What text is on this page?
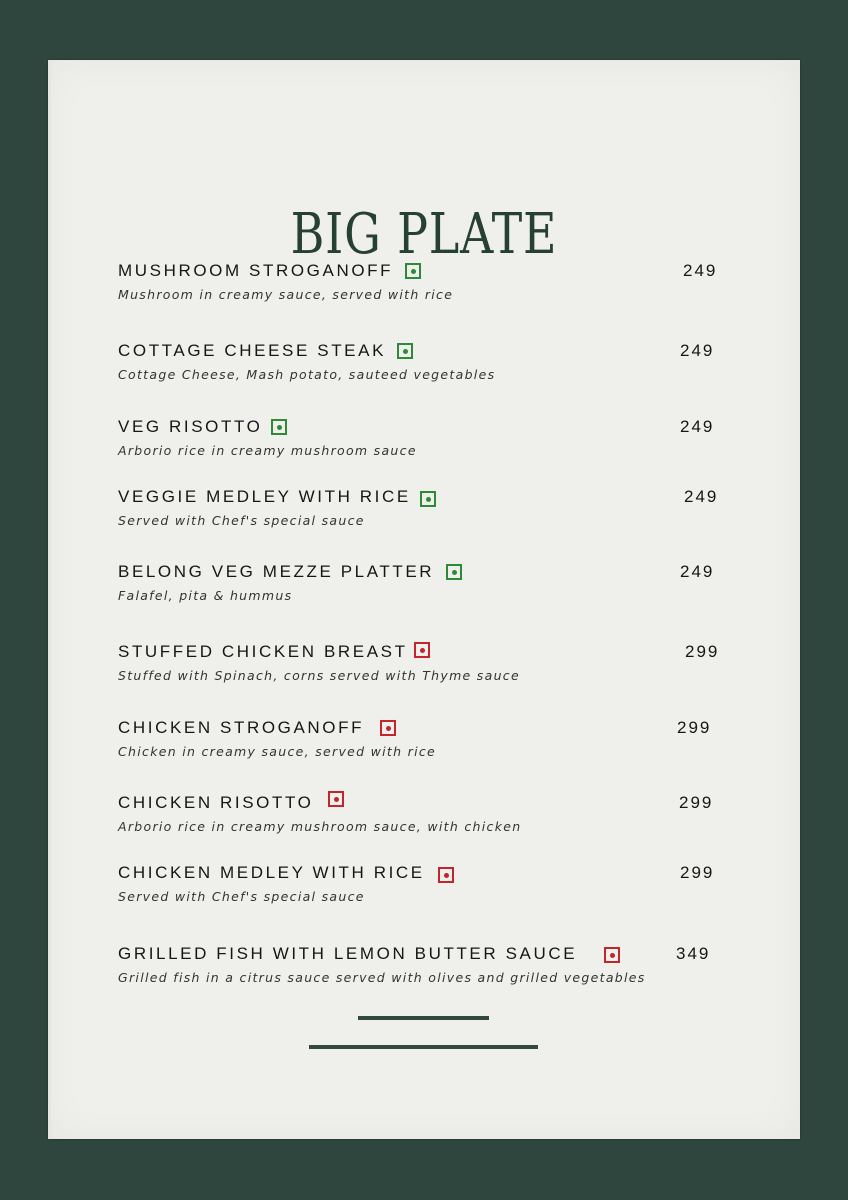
BIG PLATE
MUSHROOM STROGANOFF	249
Mushroom in creamy sauce, served with rice
COTTAGE CHEESE STEAK	249
Cottage Cheese, Mash potato, sauteed vegetables
VEG RISOTTO	249
Arborio rice in creamy mushroom sauce
VEGGIE MEDLEY WITH RICE	249
Served with Chef's special sauce
BELONG VEG MEZZE PLATTER	249
Falafel, pita & hummus
STUFFED CHICKEN BREAST	299
Stuffed with Spinach, corns served with Thyme sauce
CHICKEN STROGANOFF	299
Chicken in creamy sauce, served with rice
CHICKEN RISOTTO	299
Arborio rice in creamy mushroom sauce, with chicken
CHICKEN MEDLEY WITH RICE	299
Served with Chef's special sauce
GRILLED FISH WITH LEMON BUTTER SAUCE	349
Grilled fish in a citrus sauce served with olives and grilled vegetables
